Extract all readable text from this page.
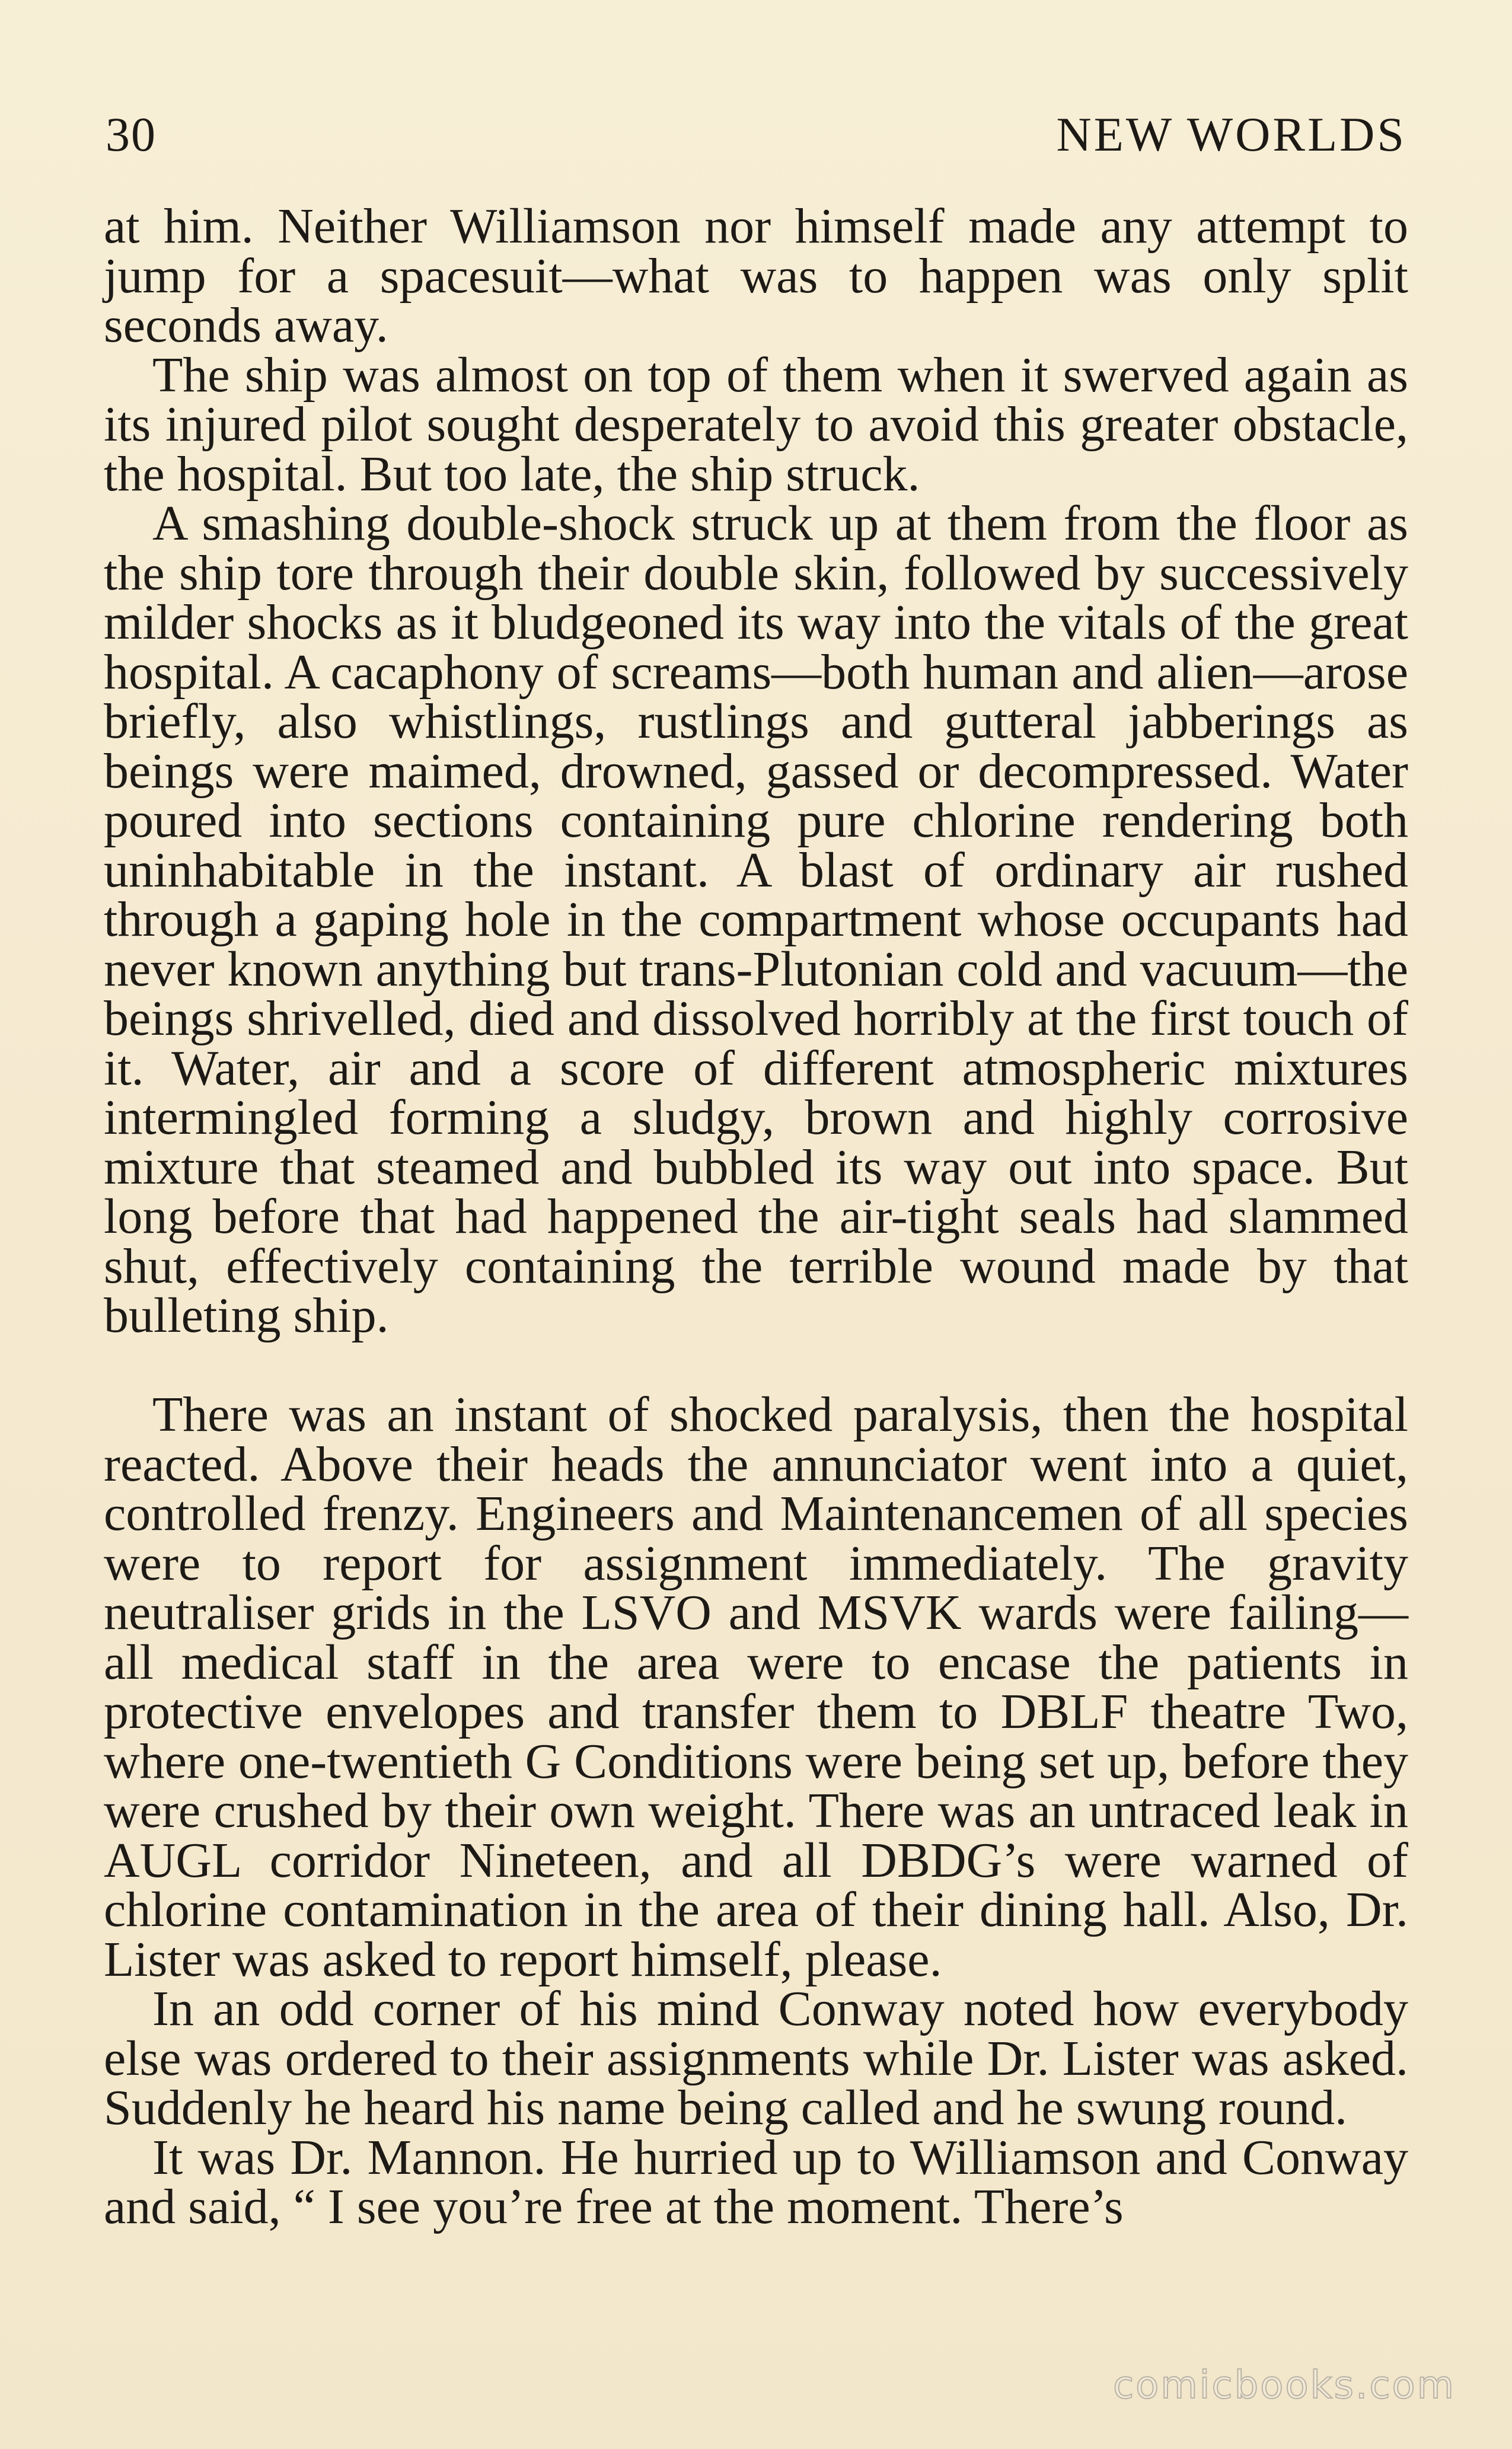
30	NEW WORLDS

at him. Neither Williamson nor himself made any attempt to jump for a spacesuit—what was to happen was only split seconds away.

The ship was almost on top of them when it swerved again as its injured pilot sought desperately to avoid this greater obstacle, the hospital. But too late, the ship struck.

A smashing double-shock struck up at them from the floor as the ship tore through their double skin, followed by successively milder shocks as it bludgeoned its way into the vitals of the great hospital. A cacaphony of screams—both human and alien—arose briefly, also whistlings, rustlings and gutteral jabberings as beings were maimed, drowned, gassed or decompressed. Water poured into sections containing pure chlorine rendering both uninhabitable in the instant. A blast of ordinary air rushed through a gaping hole in the compartment whose occupants had never known anything but trans-Plutonian cold and vacuum—the beings shrivelled, died and dissolved horribly at the first touch of it. Water, air and a score of different atmospheric mixtures intermingled forming a sludgy, brown and highly corrosive mixture that steamed and bubbled its way out into space. But long before that had happened the air-tight seals had slammed shut, effectively containing the terrible wound made by that bulleting ship.

There was an instant of shocked paralysis, then the hospital reacted. Above their heads the annunciator went into a quiet, controlled frenzy. Engineers and Maintenancemen of all species were to report for assignment immediately. The gravity neutraliser grids in the LSVO and MSVK wards were failing—all medical staff in the area were to encase the patients in protective envelopes and transfer them to DBLF theatre Two, where one-twentieth G Conditions were being set up, before they were crushed by their own weight. There was an untraced leak in AUGL corridor Nineteen, and all DBDG’s were warned of chlorine contamination in the area of their dining hall. Also, Dr. Lister was asked to report himself, please.

In an odd corner of his mind Conway noted how everybody else was ordered to their assignments while Dr. Lister was asked. Suddenly he heard his name being called and he swung round.

It was Dr. Mannon. He hurried up to Williamson and Conway and said, “ I see you’re free at the moment. There’s

comicbooks.com
